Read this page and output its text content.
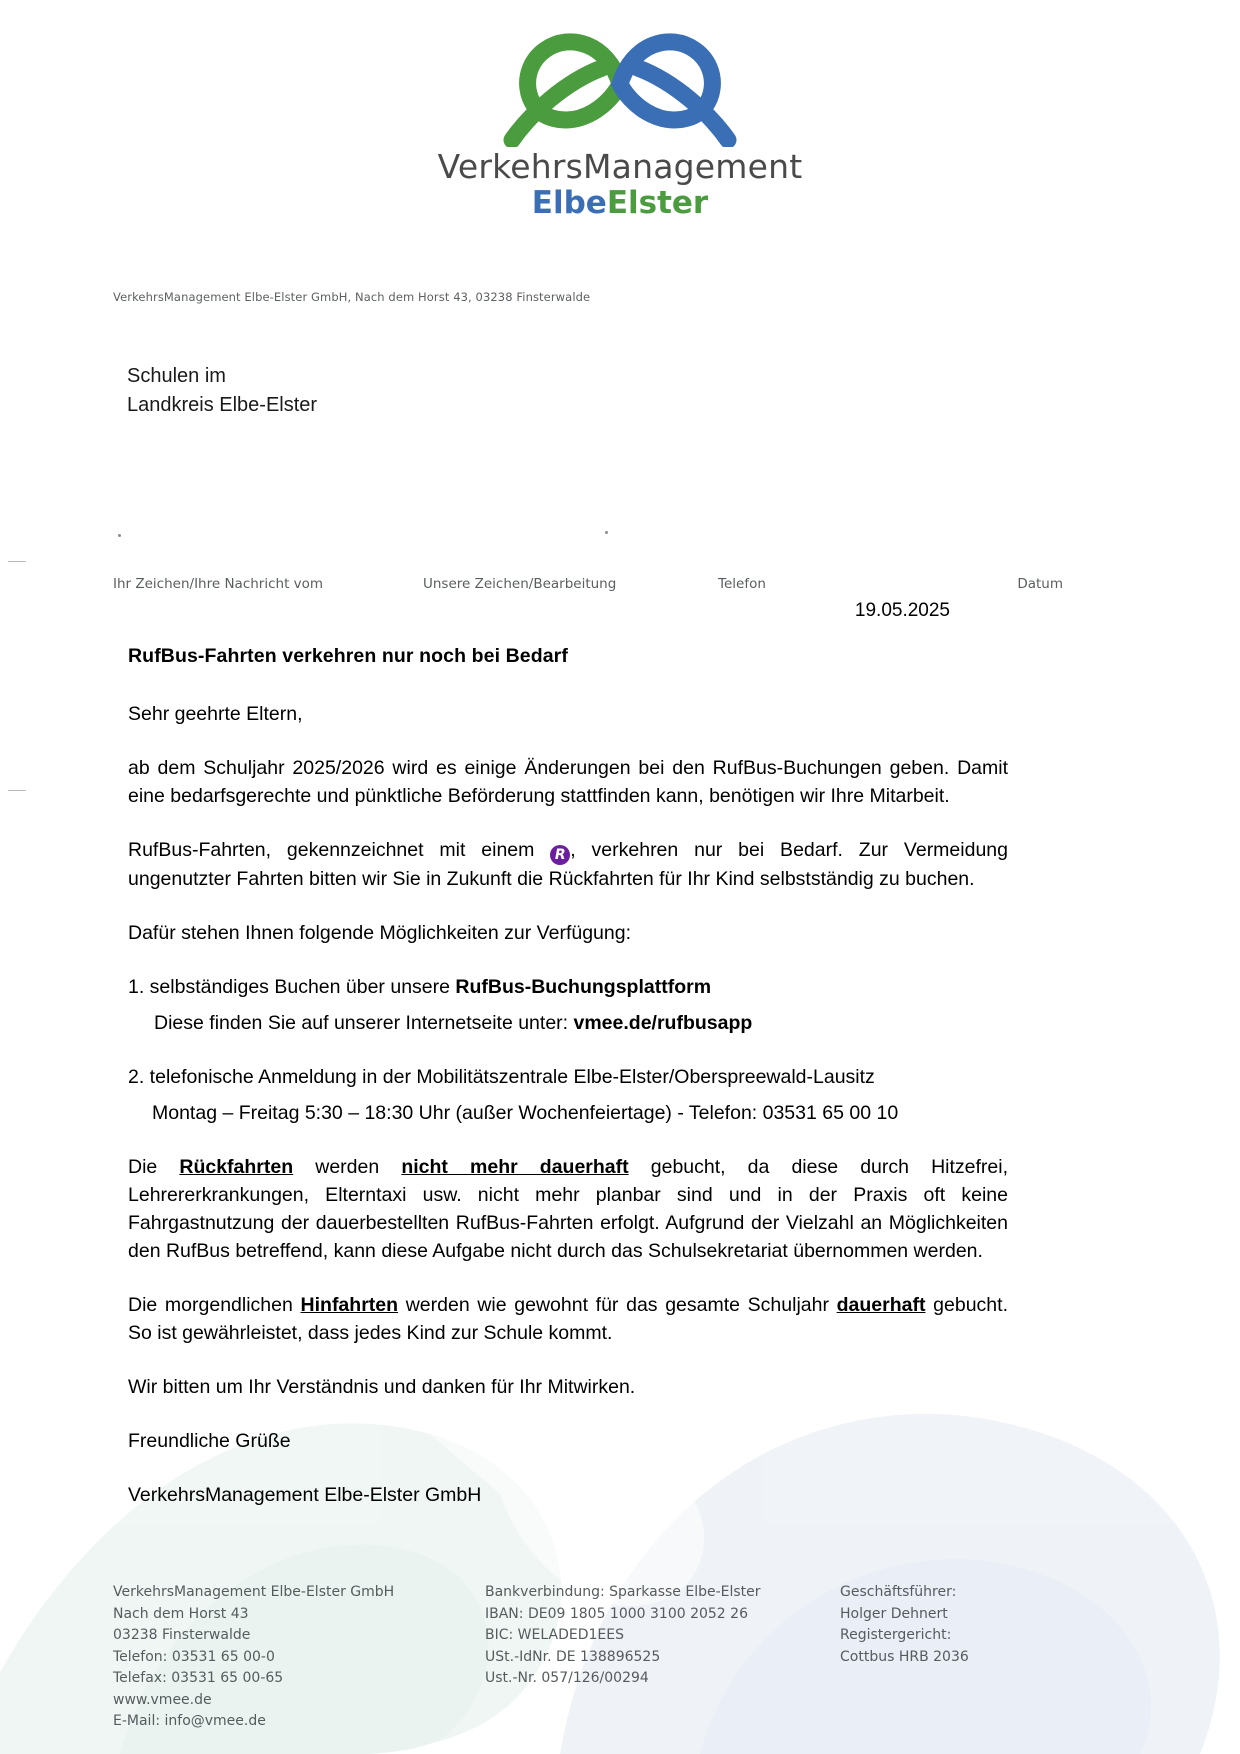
VerkehrsManagement
ElbeElster
VerkehrsManagement Elbe-Elster GmbH, Nach dem Horst 43, 03238 Finsterwalde
Schulen im
Landkreis Elbe-Elster
Ihr Zeichen/Ihre Nachricht vom	Unsere Zeichen/Bearbeitung	Telefon	Datum
19.05.2025
RufBus-Fahrten verkehren nur noch bei Bedarf

Sehr geehrte Eltern,

ab dem Schuljahr 2025/2026 wird es einige Änderungen bei den RufBus-Buchungen geben. Damit eine bedarfsgerechte und pünktliche Beförderung stattfinden kann, benötigen wir Ihre Mitarbeit.

RufBus-Fahrten, gekennzeichnet mit einem R , verkehren nur bei Bedarf. Zur Vermeidung ungenutzter Fahrten bitten wir Sie in Zukunft die Rückfahrten für Ihr Kind selbstständig zu buchen.

Dafür stehen Ihnen folgende Möglichkeiten zur Verfügung:

1. selbständiges Buchen über unsere RufBus-Buchungsplattform
Diese finden Sie auf unserer Internetseite unter: vmee.de/rufbusapp
2. telefonische Anmeldung in der Mobilitätszentrale Elbe-Elster/Oberspreewald-Lausitz
Montag – Freitag 5:30 – 18:30 Uhr (außer Wochenfeiertage) - Telefon: 03531 65 00 10

Die Rückfahrten werden nicht mehr dauerhaft gebucht, da diese durch Hitzefrei, Lehrererkrankungen, Elterntaxi usw. nicht mehr planbar sind und in der Praxis oft keine Fahrgastnutzung der dauerbestellten RufBus-Fahrten erfolgt. Aufgrund der Vielzahl an Möglichkeiten den RufBus betreffend, kann diese Aufgabe nicht durch das Schulsekretariat übernommen werden.

Die morgendlichen Hinfahrten werden wie gewohnt für das gesamte Schuljahr dauerhaft gebucht. So ist gewährleistet, dass jedes Kind zur Schule kommt.

Wir bitten um Ihr Verständnis und danken für Ihr Mitwirken.

Freundliche Grüße

VerkehrsManagement Elbe-Elster GmbH

VerkehrsManagement Elbe-Elster GmbH
Nach dem Horst 43
03238 Finsterwalde
Telefon: 03531 65 00-0
Telefax: 03531 65 00-65
www.vmee.de
E-Mail: info@vmee.de
Bankverbindung: Sparkasse Elbe-Elster
IBAN: DE09 1805 1000 3100 2052 26
BIC: WELADED1EES
USt.-IdNr. DE 138896525
Ust.-Nr. 057/126/00294
Geschäftsführer:
Holger Dehnert
Registergericht:
Cottbus HRB 2036
